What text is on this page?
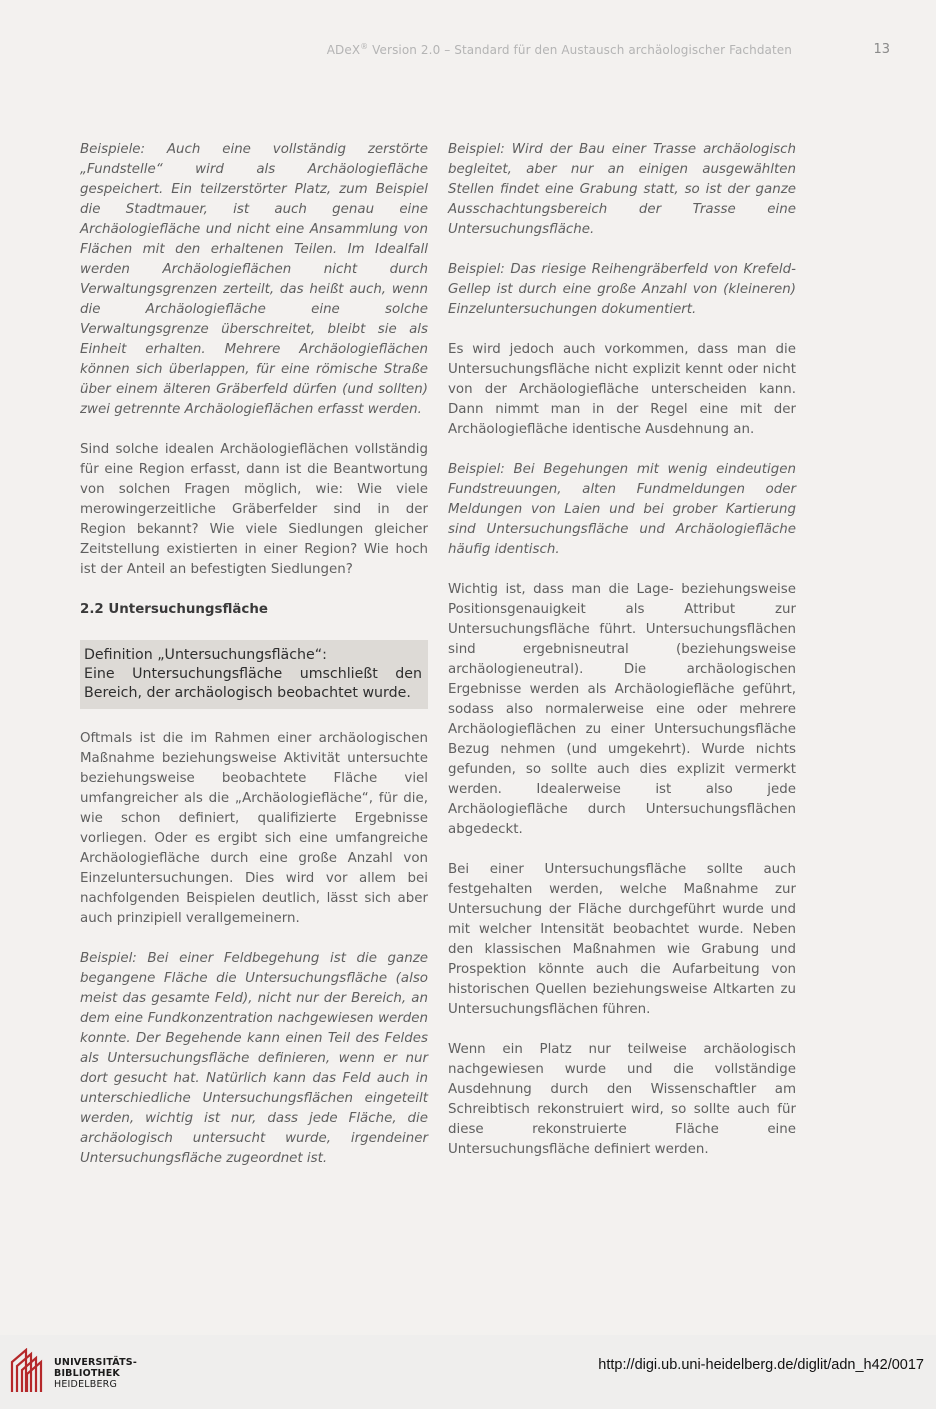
ADeX® Version 2.0 – Standard für den Austausch archäologischer Fachdaten	13

Beispiele: Auch eine vollständig zerstörte „Fundstelle“ wird als Archäologiefläche gespeichert. Ein teilzerstörter Platz, zum Beispiel die Stadtmauer, ist auch genau eine Archäologiefläche und nicht eine Ansammlung von Flächen mit den erhaltenen Teilen. Im Idealfall werden Archäologieflächen nicht durch Verwaltungsgrenzen zerteilt, das heißt auch, wenn die Archäologiefläche eine solche Verwaltungsgrenze überschreitet, bleibt sie als Einheit erhalten. Mehrere Archäologieflächen können sich überlappen, für eine römische Straße über einem älteren Gräberfeld dürfen (und sollten) zwei getrennte Archäologieflächen erfasst werden.

Sind solche idealen Archäologieflächen vollständig für eine Region erfasst, dann ist die Beantwortung von solchen Fragen möglich, wie: Wie viele merowingerzeitliche Gräberfelder sind in der Region bekannt? Wie viele Siedlungen gleicher Zeitstellung existierten in einer Region? Wie hoch ist der Anteil an befestigten Siedlungen?

2.2 Untersuchungsfläche
Definition „Untersuchungsfläche“:
Eine Untersuchungsfläche umschließt den Bereich, der archäologisch beobachtet wurde.

Oftmals ist die im Rahmen einer archäologischen Maßnahme beziehungsweise Aktivität untersuchte beziehungsweise beobachtete Fläche viel umfangreicher als die „Archäologiefläche“, für die, wie schon definiert, qualifizierte Ergebnisse vorliegen. Oder es ergibt sich eine umfangreiche Archäologiefläche durch eine große Anzahl von Einzeluntersuchungen. Dies wird vor allem bei nachfolgenden Beispielen deutlich, lässt sich aber auch prinzipiell verallgemeinern.

Beispiel: Bei einer Feldbegehung ist die ganze begangene Fläche die Untersuchungsfläche (also meist das gesamte Feld), nicht nur der Bereich, an dem eine Fundkonzentration nachgewiesen werden konnte. Der Begehende kann einen Teil des Feldes als Untersuchungsfläche definieren, wenn er nur dort gesucht hat. Natürlich kann das Feld auch in unterschiedliche Untersuchungsflächen eingeteilt werden, wichtig ist nur, dass jede Fläche, die archäologisch untersucht wurde, irgendeiner Untersuchungsfläche zugeordnet ist.

Beispiel: Wird der Bau einer Trasse archäologisch begleitet, aber nur an einigen ausgewählten Stellen findet eine Grabung statt, so ist der ganze Ausschachtungsbereich der Trasse eine Untersuchungsfläche.

Beispiel: Das riesige Reihengräberfeld von Krefeld-Gellep ist durch eine große Anzahl von (kleineren) Einzeluntersuchungen dokumentiert.

Es wird jedoch auch vorkommen, dass man die Untersuchungsfläche nicht explizit kennt oder nicht von der Archäologiefläche unterscheiden kann. Dann nimmt man in der Regel eine mit der Archäologiefläche identische Ausdehnung an.

Beispiel: Bei Begehungen mit wenig eindeutigen Fundstreuungen, alten Fundmeldungen oder Meldungen von Laien und bei grober Kartierung sind Untersuchungsfläche und Archäologiefläche häufig identisch.

Wichtig ist, dass man die Lage- beziehungsweise Positionsgenauigkeit als Attribut zur Untersuchungsfläche führt. Untersuchungsflächen sind ergebnisneutral (beziehungsweise archäologieneutral). Die archäologischen Ergebnisse werden als Archäologiefläche geführt, sodass also normalerweise eine oder mehrere Archäologieflächen zu einer Untersuchungsfläche Bezug nehmen (und umgekehrt). Wurde nichts gefunden, so sollte auch dies explizit vermerkt werden. Idealerweise ist also jede Archäologiefläche durch Untersuchungsflächen abgedeckt.

Bei einer Untersuchungsfläche sollte auch festgehalten werden, welche Maßnahme zur Untersuchung der Fläche durchgeführt wurde und mit welcher Intensität beobachtet wurde. Neben den klassischen Maßnahmen wie Grabung und Prospektion könnte auch die Aufarbeitung von historischen Quellen beziehungsweise Altkarten zu Untersuchungsflächen führen.

Wenn ein Platz nur teilweise archäologisch nachgewiesen wurde und die vollständige Ausdehnung durch den Wissenschaftler am Schreibtisch rekonstruiert wird, so sollte auch für diese rekonstruierte Fläche eine Untersuchungsfläche definiert werden.

UNIVERSITÄTS-
BIBLIOTHEK
HEIDELBERG
http://digi.ub.uni-heidelberg.de/diglit/adn_h42/0017
